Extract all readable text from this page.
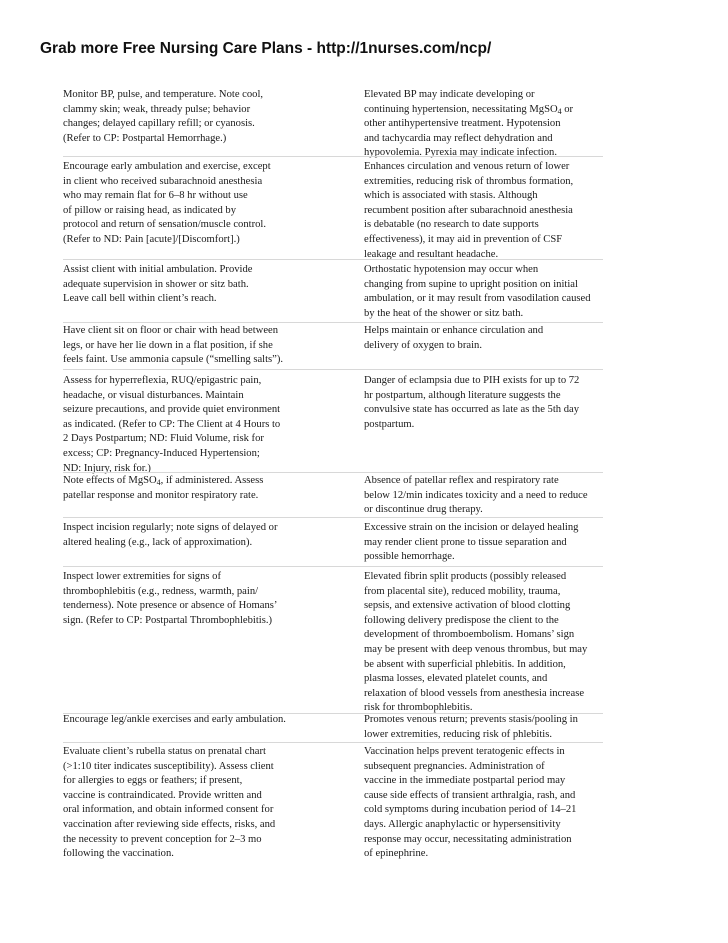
Grab more Free Nursing Care Plans - http://1nurses.com/ncp/
Monitor BP, pulse, and temperature. Note cool,
clammy skin; weak, thready pulse; behavior
changes; delayed capillary refill; or cyanosis.
(Refer to CP: Postpartal Hemorrhage.)
Elevated BP may indicate developing or
continuing hypertension, necessitating MgSO$_4$ or
other antihypertensive treatment. Hypotension
and tachycardia may reflect dehydration and
hypovolemia. Pyrexia may indicate infection.
Encourage early ambulation and exercise, except
in client who received subarachnoid anesthesia
who may remain flat for 6–8 hr without use
of pillow or raising head, as indicated by
protocol and return of sensation/muscle control.
(Refer to ND: Pain [acute]/[Discomfort].)
Enhances circulation and venous return of lower
extremities, reducing risk of thrombus formation,
which is associated with stasis. Although
recumbent position after subarachnoid anesthesia
is debatable (no research to date supports
effectiveness), it may aid in prevention of CSF
leakage and resultant headache.
Assist client with initial ambulation. Provide
adequate supervision in shower or sitz bath.
Leave call bell within client’s reach.
Orthostatic hypotension may occur when
changing from supine to upright position on initial
ambulation, or it may result from vasodilation caused
by the heat of the shower or sitz bath.
Have client sit on floor or chair with head between
legs, or have her lie down in a flat position, if she
feels faint. Use ammonia capsule (“smelling salts”).
Helps maintain or enhance circulation and
delivery of oxygen to brain.
Assess for hyperreflexia, RUQ/epigastric pain,
headache, or visual disturbances. Maintain
seizure precautions, and provide quiet environment
as indicated. (Refer to CP: The Client at 4 Hours to
2 Days Postpartum; ND: Fluid Volume, risk for
excess; CP: Pregnancy-Induced Hypertension;
ND: Injury, risk for.)
Danger of eclampsia due to PIH exists for up to 72
hr postpartum, although literature suggests the
convulsive state has occurred as late as the 5th day
postpartum.
Note effects of MgSO$_4$, if administered. Assess
patellar response and monitor respiratory rate.
Absence of patellar reflex and respiratory rate
below 12/min indicates toxicity and a need to reduce
or discontinue drug therapy.
Inspect incision regularly; note signs of delayed or
altered healing (e.g., lack of approximation).
Excessive strain on the incision or delayed healing
may render client prone to tissue separation and
possible hemorrhage.
Inspect lower extremities for signs of
thrombophlebitis (e.g., redness, warmth, pain/
tenderness). Note presence or absence of Homans’
sign. (Refer to CP: Postpartal Thrombophlebitis.)
Elevated fibrin split products (possibly released
from placental site), reduced mobility, trauma,
sepsis, and extensive activation of blood clotting
following delivery predispose the client to the
development of thromboembolism. Homans’ sign
may be present with deep venous thrombus, but may
be absent with superficial phlebitis. In addition,
plasma losses, elevated platelet counts, and
relaxation of blood vessels from anesthesia increase
risk for thrombophlebitis.
Encourage leg/ankle exercises and early ambulation.	Promotes venous return; prevents stasis/pooling in
lower extremities, reducing risk of phlebitis.
Evaluate client’s rubella status on prenatal chart
(>1:10 titer indicates susceptibility). Assess client
for allergies to eggs or feathers; if present,
vaccine is contraindicated. Provide written and
oral information, and obtain informed consent for
vaccination after reviewing side effects, risks, and
the necessity to prevent conception for 2–3 mo
following the vaccination.
Vaccination helps prevent teratogenic effects in
subsequent pregnancies. Administration of
vaccine in the immediate postpartal period may
cause side effects of transient arthralgia, rash, and
cold symptoms during incubation period of 14–21
days. Allergic anaphylactic or hypersensitivity
response may occur, necessitating administration
of epinephrine.
